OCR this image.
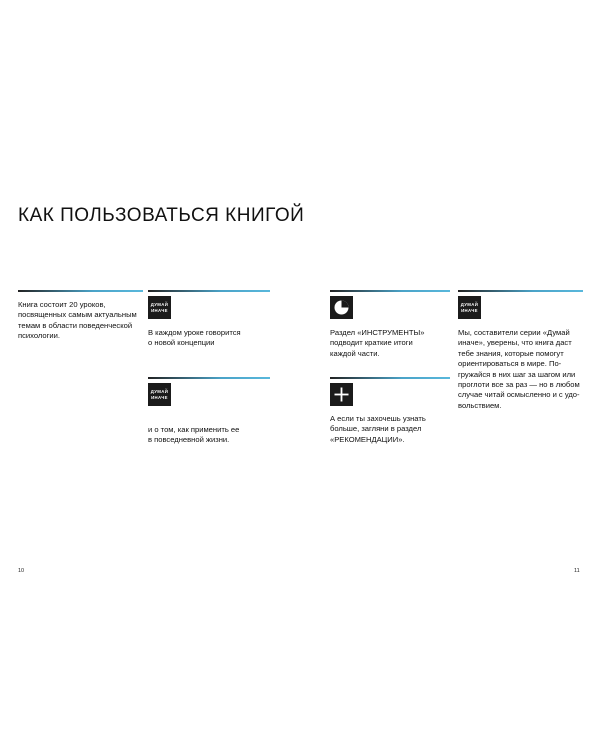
КАК ПОЛЬЗОВАТЬСЯ КНИГОЙ
Книга состоит 20 уроков,
посвященных самым актуальным
темам в области поведенческой
психологии.
ДУМАЙ
ИНАЧЕ
В каждом уроке говорится
о новой концепции
ДУМАЙ
ИНАЧЕ
и о том, как применить ее
в повседневной жизни.
10
Раздел «ИНСТРУМЕНТЫ»
подводит краткие итоги
каждой части.
А если ты захочешь узнать
больше, загляни в раздел
«РЕКОМЕНДАЦИИ».
ДУМАЙ
ИНАЧЕ
Мы, составители серии «Думай
иначе», уверены, что книга даст
тебе знания, которые помогут
ориентироваться в мире. По-
гружайся в них шаг за шагом или
проглоти все за раз — но в любом
случае читай осмысленно и с удо-
вольствием.
11
